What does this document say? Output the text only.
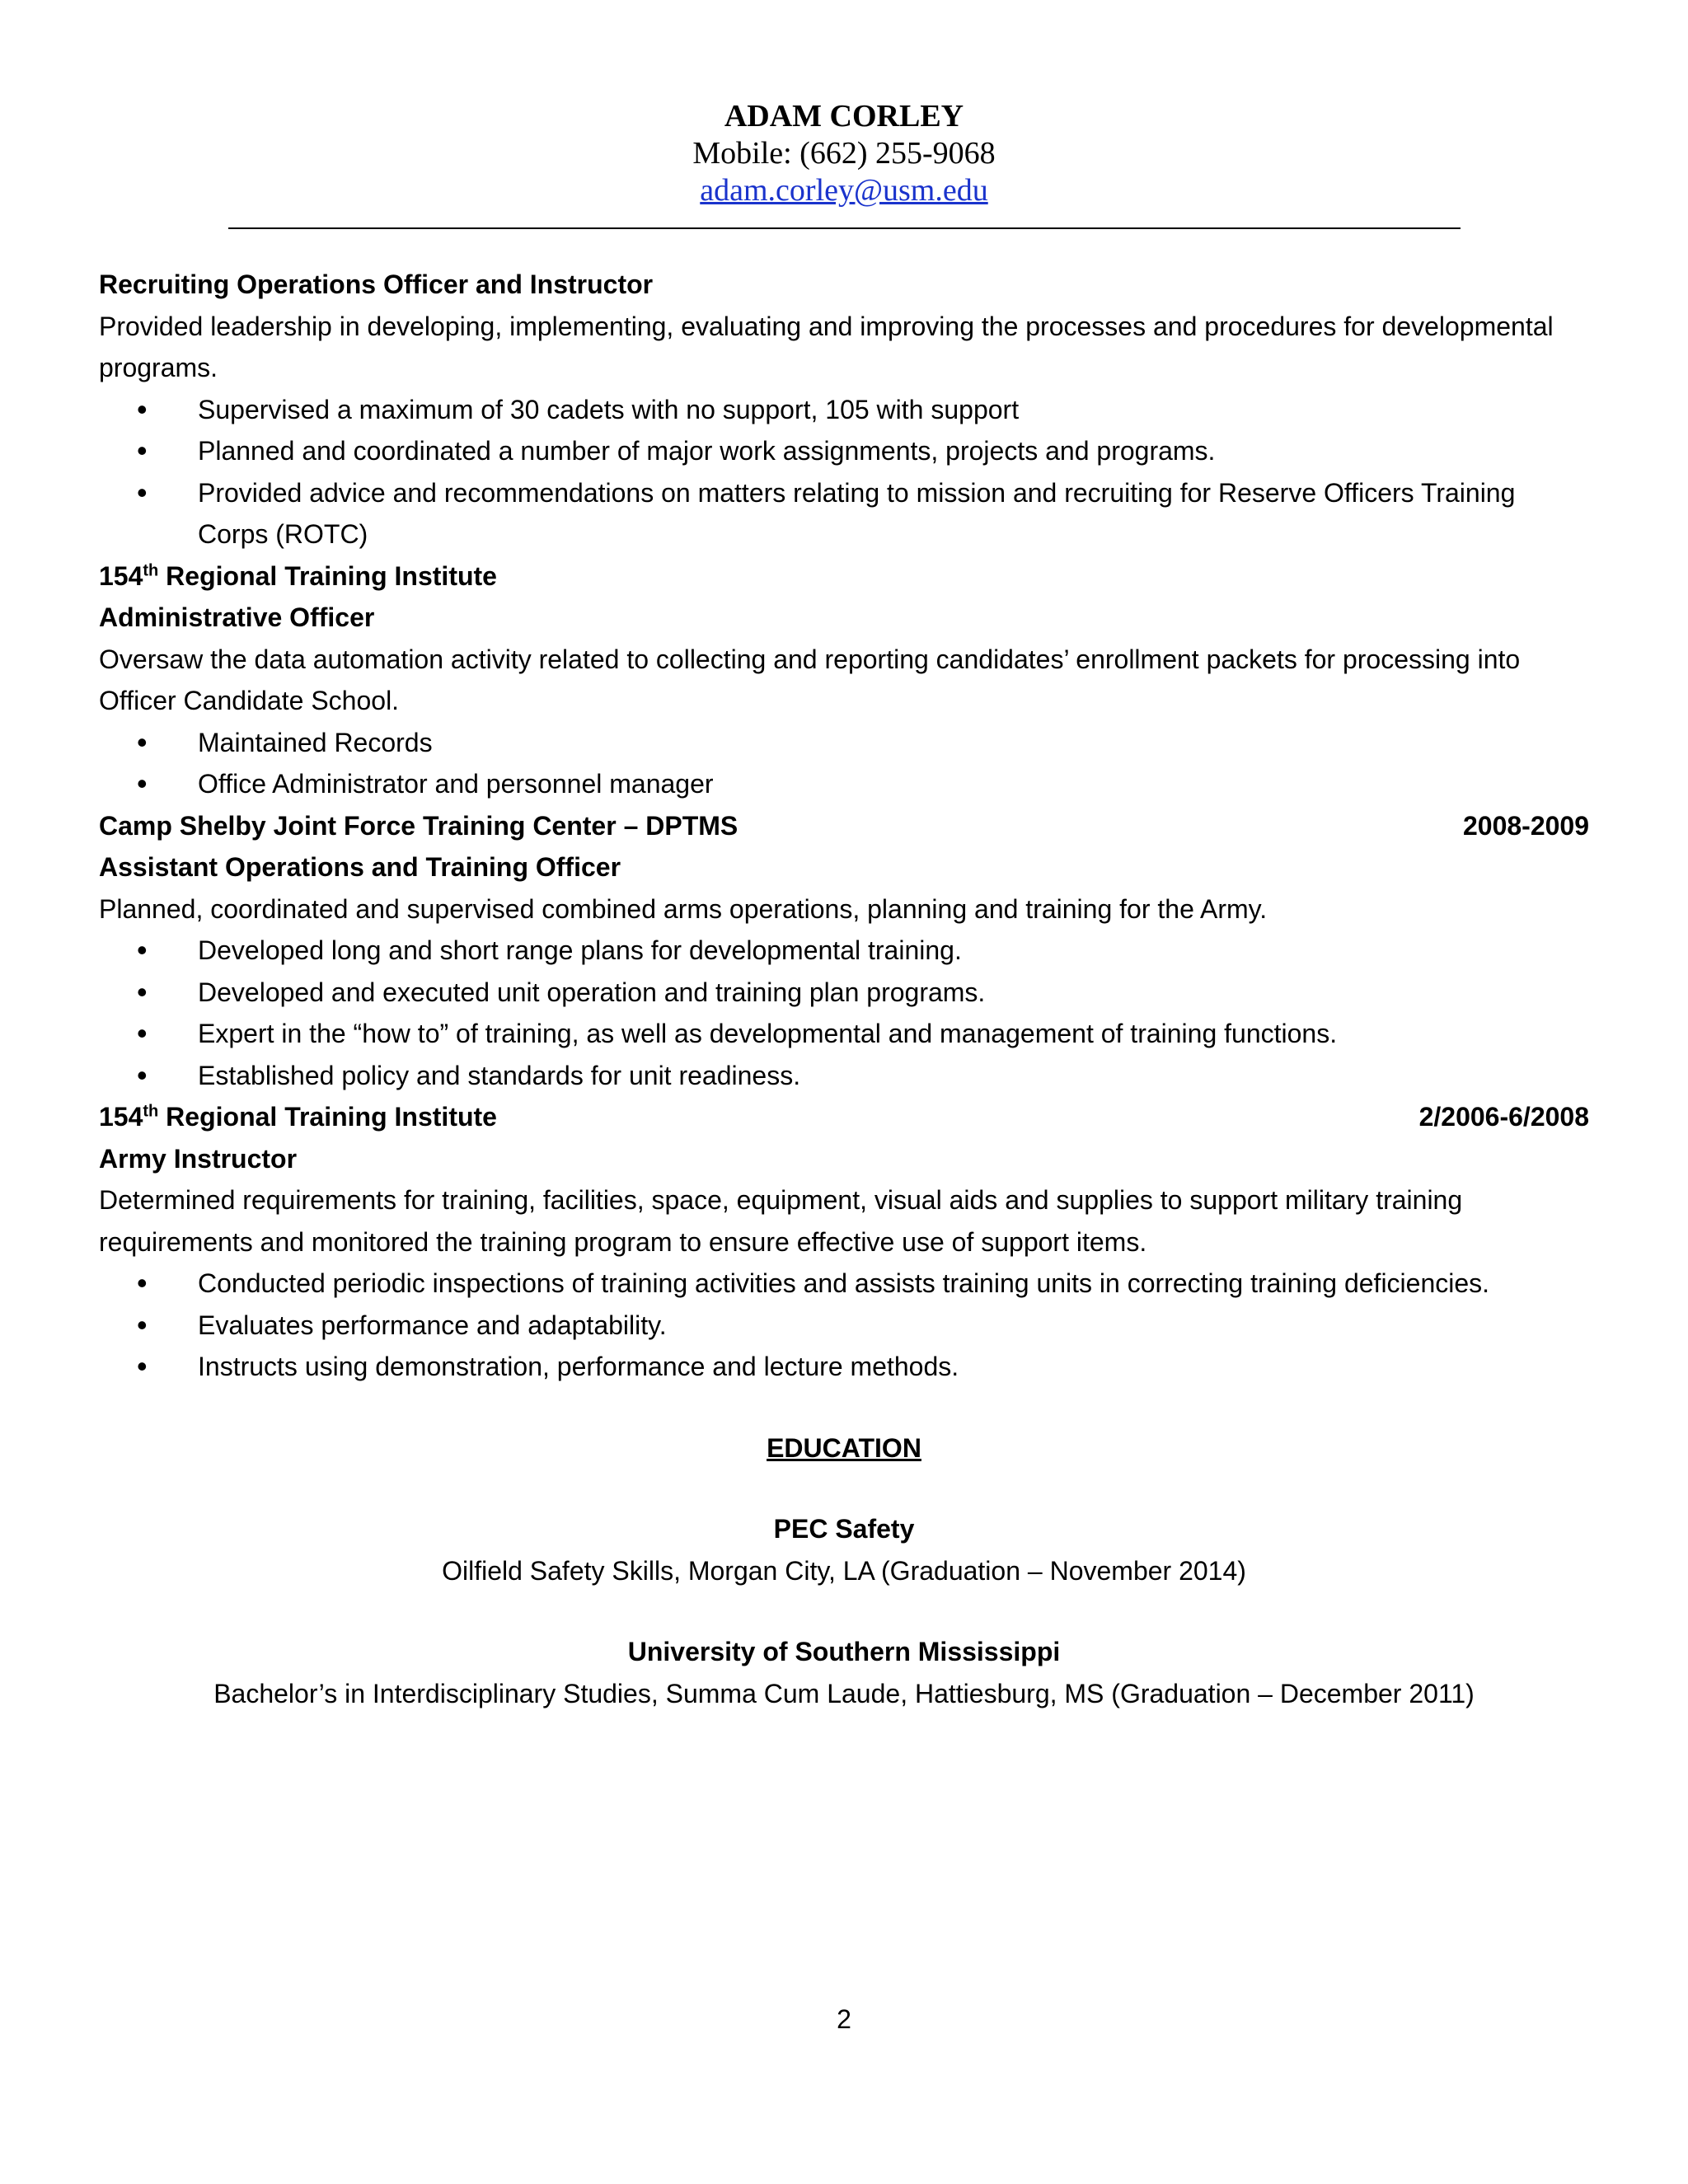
ADAM CORLEY
Mobile: (662) 255-9068
adam.corley@usm.edu

Recruiting Operations Officer and Instructor

Provided leadership in developing, implementing, evaluating and improving the processes and procedures for developmental programs.

• Supervised a maximum of 30 cadets with no support, 105 with support
• Planned and coordinated a number of major work assignments, projects and programs.
• Provided advice and recommendations on matters relating to mission and recruiting for Reserve Officers Training Corps (ROTC)

154th Regional Training Institute

Administrative Officer

Oversaw the data automation activity related to collecting and reporting candidates’ enrollment packets for processing into Officer Candidate School.

• Maintained Records
• Office Administrator and personnel manager
Camp Shelby Joint Force Training Center – DPTMS	2008-2009

Assistant Operations and Training Officer

Planned, coordinated and supervised combined arms operations, planning and training for the Army.

• Developed long and short range plans for developmental training.
• Developed and executed unit operation and training plan programs.
• Expert in the “how to” of training, as well as developmental and management of training functions.
• Established policy and standards for unit readiness.
154th Regional Training Institute	2/2006-6/2008

Army Instructor

Determined requirements for training, facilities, space, equipment, visual aids and supplies to support military training requirements and monitored the training program to ensure effective use of support items.

• Conducted periodic inspections of training activities and assists training units in correcting training deficiencies.
• Evaluates performance and adaptability.
• Instructs using demonstration, performance and lecture methods.
EDUCATION
PEC Safety
Oilfield Safety Skills, Morgan City, LA (Graduation – November 2014)
University of Southern Mississippi
Bachelor’s in Interdisciplinary Studies, Summa Cum Laude, Hattiesburg, MS (Graduation – December 2011)
2
